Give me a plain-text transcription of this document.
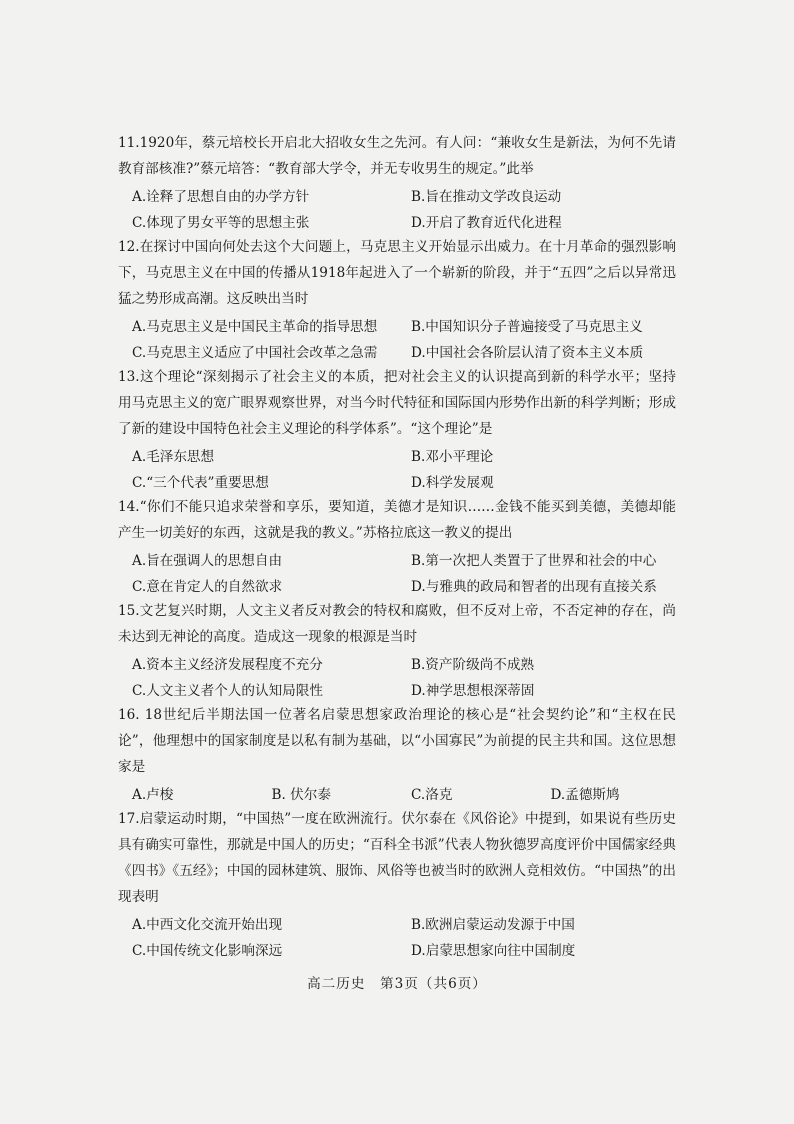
11.1920年，蔡元培校长开启北大招收女生之先河。有人问：“兼收女生是新法，为何不先请教育部核准?”蔡元培答：“教育部大学令，并无专收男生的规定。”此举

A.诠释了思想自由的办学方针	B.旨在推动文学改良运动
C.体现了男女平等的思想主张	D.开启了教育近代化进程

12.在探讨中国向何处去这个大问题上，马克思主义开始显示出威力。在十月革命的强烈影响下，马克思主义在中国的传播从1918年起进入了一个崭新的阶段，并于“五四”之后以异常迅猛之势形成高潮。这反映出当时

A.马克思主义是中国民主革命的指导思想	B.中国知识分子普遍接受了马克思主义
C.马克思主义适应了中国社会改革之急需	D.中国社会各阶层认清了资本主义本质

13.这个理论“深刻揭示了社会主义的本质，把对社会主义的认识提高到新的科学水平；坚持用马克思主义的宽广眼界观察世界，对当今时代特征和国际国内形势作出新的科学判断；形成了新的建设中国特色社会主义理论的科学体系”。“这个理论”是

A.毛泽东思想	B.邓小平理论
C.“三个代表”重要思想	D.科学发展观

14.“你们不能只追求荣誉和享乐，要知道，美德才是知识……金钱不能买到美德，美德却能产生一切美好的东西，这就是我的教义。”苏格拉底这一教义的提出

A.旨在强调人的思想自由	B.第一次把人类置于了世界和社会的中心
C.意在肯定人的自然欲求	D.与雅典的政局和智者的出现有直接关系

15.文艺复兴时期，人文主义者反对教会的特权和腐败，但不反对上帝，不否定神的存在，尚未达到无神论的高度。造成这一现象的根源是当时

A.资本主义经济发展程度不充分	B.资产阶级尚不成熟
C.人文主义者个人的认知局限性	D.神学思想根深蒂固

16. 18世纪后半期法国一位著名启蒙思想家政治理论的核心是“社会契约论”和“主权在民论”，他理想中的国家制度是以私有制为基础，以“小国寡民”为前提的民主共和国。这位思想家是

A.卢梭	B. 伏尔泰	C.洛克	D.孟德斯鸠

17.启蒙运动时期，“中国热”一度在欧洲流行。伏尔泰在《风俗论》中提到，如果说有些历史具有确实可靠性，那就是中国人的历史；“百科全书派”代表人物狄德罗高度评价中国儒家经典《四书》《五经》；中国的园林建筑、服饰、风俗等也被当时的欧洲人竞相效仿。“中国热”的出现表明

A.中西文化交流开始出现	B.欧洲启蒙运动发源于中国
C.中国传统文化影响深远	D.启蒙思想家向往中国制度
高二历史　第3页（共6页）
